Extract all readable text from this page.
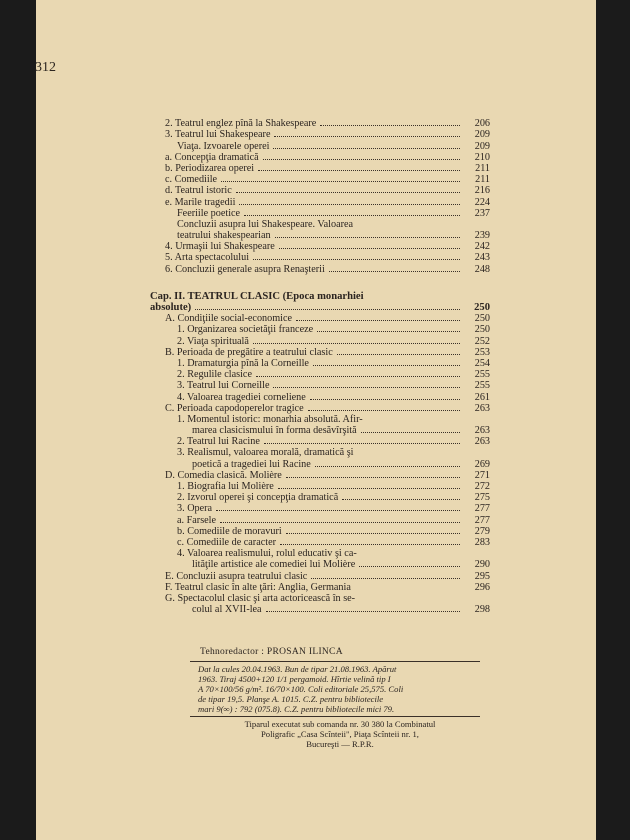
312
2. Teatrul englez pînă la Shakespeare	206
3. Teatrul lui Shakespeare	209
Viaţa. Izvoarele operei	209
a. Concepţia dramatică	210
b. Periodizarea operei	211
c. Comediile	211
d. Teatrul istoric	216
e. Marile tragedii	224
Feeriile poetice	237
Concluzii asupra lui Shakespeare. Valoarea
teatrului shakespearian	239
4. Urmaşii lui Shakespeare	242
5. Arta spectacolului	243
6. Concluzii generale asupra Renaşterii	248
Cap. II. TEATRUL CLASIC (Epoca monarhiei
absolute)	250
A. Condiţiile social-economice	250
1. Organizarea societăţii franceze	250
2. Viaţa spirituală	252
B. Perioada de pregătire a teatrului clasic	253
1. Dramaturgia pînă la Corneille	254
2. Regulile clasice	255
3. Teatrul lui Corneille	255
4. Valoarea tragediei corneliene	261
C. Perioada capodoperelor tragice	263
1. Momentul istoric: monarhia absolută. Afir-
marea clasicismului în forma desăvîrşită	263
2. Teatrul lui Racine	263
3. Realismul, valoarea morală, dramatică şi
poetică a tragediei lui Racine	269
D. Comedia clasică. Molière	271
1. Biografia lui Molière	272
2. Izvorul operei şi concepţia dramatică	275
3. Opera	277
a. Farsele	277
b. Comediile de moravuri	279
c. Comediile de caracter	283
4. Valoarea realismului, rolul educativ şi ca-
lităţile artistice ale comediei lui Molière	290
E. Concluzii asupra teatrului clasic	295
F. Teatrul clasic în alte ţări: Anglia, Germania	296
G. Spectacolul clasic şi arta actoricească în se-
colul al XVII-lea	298
Tehnoredactor : PROSAN ILINCA
Dat la cules 20.04.1963. Bun de tipar 21.08.1963. Apărut
1963. Tiraj 4500+120 1/1 pergamoid. Hîrtie velină tip I
A 70×100/56 g/m². 16/70×100. Coli editoriale 25,575. Coli
de tipar 19,5. Planşe A. 1015. C.Z. pentru bibliotecile
mari 9(∞) : 792 (075.8). C.Z. pentru bibliotecile mici 79.
Tiparul executat sub comanda nr. 30 380 la Combinatul
Poligrafic „Casa Scînteii", Piaţa Scînteii nr. 1,
Bucureşti — R.P.R.
